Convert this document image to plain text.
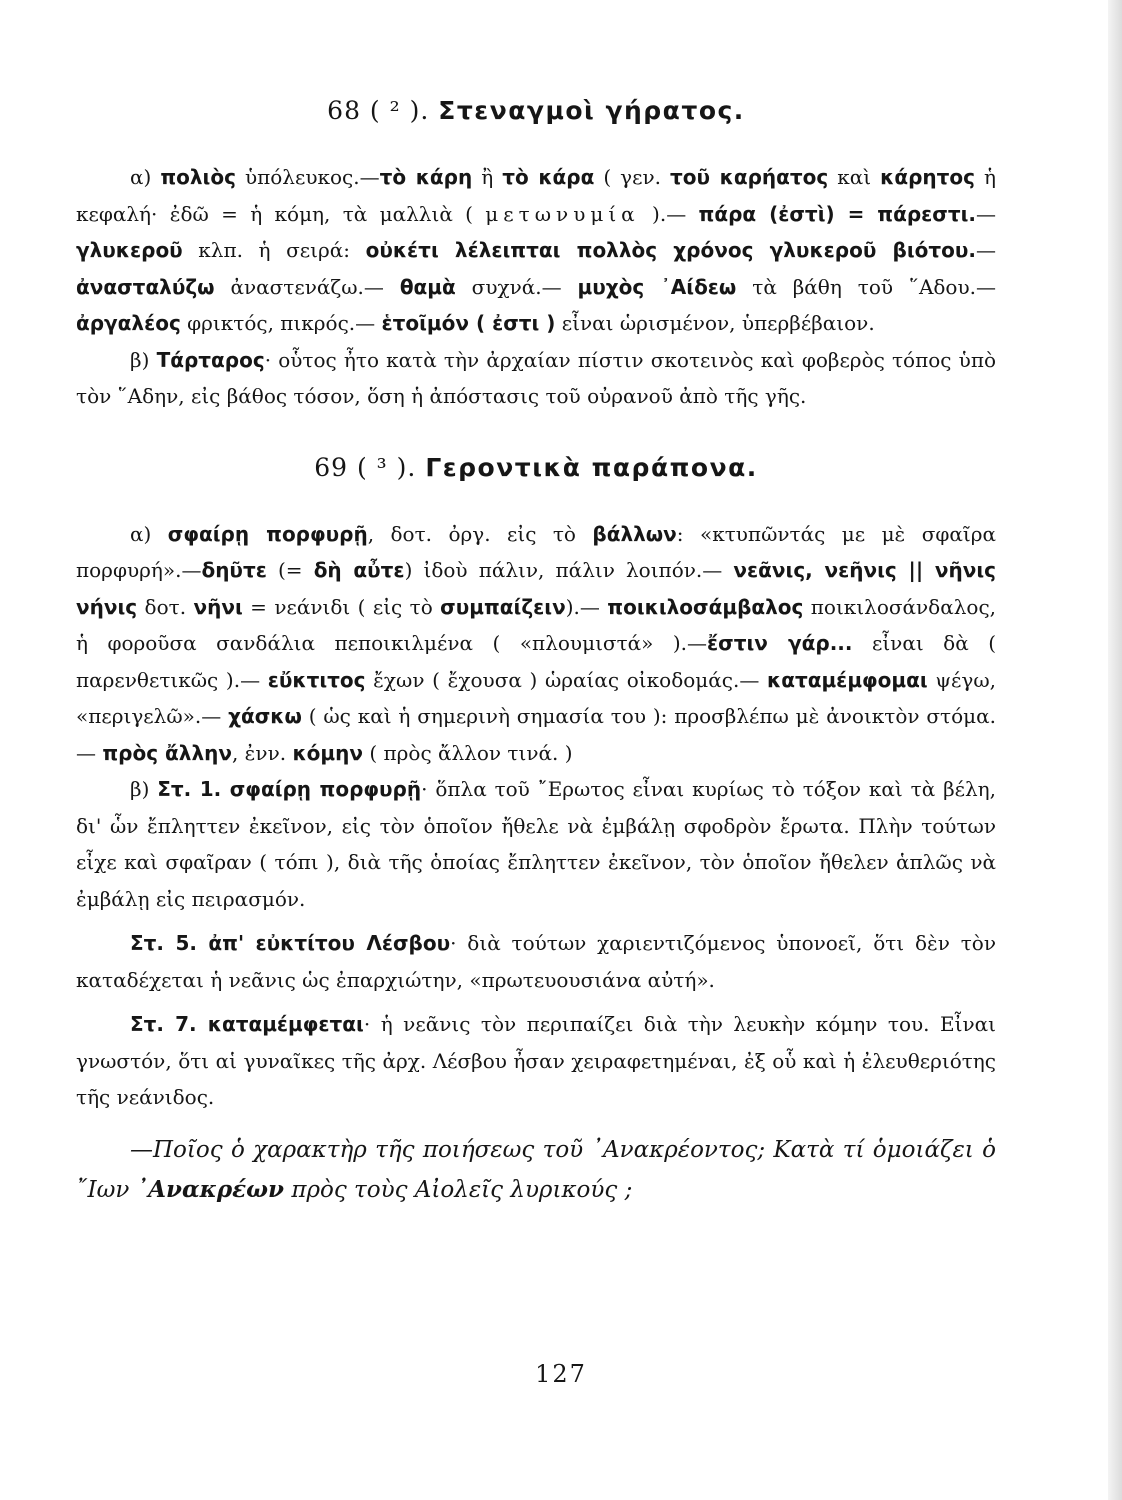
68 ( ² ). Στεναγμοὶ γήρατος.

α) πολιὸς ὑπόλευκος.—τὸ κάρη ἢ τὸ κάρα ( γεν. τοῦ καρήατος καὶ κάρητος ἡ κεφαλή· ἐδῶ = ἡ κόμη, τὰ μαλλιὰ ( μετωνυμία ).— πάρα (ἐστὶ) = πάρεστι.—γλυκεροῦ κλπ. ἡ σειρά: οὐκέτι λέλειπται πολλὸς χρόνος γλυκεροῦ βιότου.— ἀνασταλύζω ἀναστενάζω.— θαμὰ συχνά.— μυχὸς ᾿Αίδεω τὰ βάθη τοῦ ῞Αδου.— ἀργαλέος φρικτός, πικρός.— ἑτοῖμόν ( ἐστι ) εἶναι ὡρισμένον, ὑπερβέβαιον.

β) Τάρταρος· οὗτος ἦτο κατὰ τὴν ἀρχαίαν πίστιν σκοτεινὸς καὶ φοβερὸς τόπος ὑπὸ τὸν ῞Αδην, εἰς βάθος τόσον, ὅση ἡ ἀπόστασις τοῦ οὐρανοῦ ἀπὸ τῆς γῆς.

69 ( ³ ). Γεροντικὰ παράπονα.

α) σφαίρῃ πορφυρῇ, δοτ. ὀργ. εἰς τὸ βάλλων: «κτυπῶντάς με μὲ σφαῖρα πορφυρή».—δηῦτε (= δὴ αὖτε) ἰδοὺ πάλιν, πάλιν λοιπόν.— νεᾶνις, νεῆνις || νῆνις νήνις δοτ. νῆνι = νεάνιδι ( εἰς τὸ συμπαίζειν).— ποικιλοσάμβαλος ποικιλοσάνδαλος, ἡ φοροῦσα σανδάλια πεποικιλμένα ( «πλουμιστά» ).—ἔστιν γάρ... εἶναι δὰ ( παρενθετικῶς ).— εὔκτιτος ἔχων ( ἔχουσα ) ὡραίας οἰκοδομάς.— καταμέμφομαι ψέγω, «περιγελῶ».— χάσκω ( ὡς καὶ ἡ σημερινὴ σημασία του ): προσβλέπω μὲ ἀνοικτὸν στόμα.— πρὸς ἄλλην, ἐνν. κόμην ( πρὸς ἄλλον τινά. )

β) Στ. 1. σφαίρῃ πορφυρῇ· ὅπλα τοῦ ῎Ερωτος εἶναι κυρίως τὸ τόξον καὶ τὰ βέλη, δι' ὧν ἔπληττεν ἐκεῖνον, εἰς τὸν ὁποῖον ἤθελε νὰ ἐμβάλῃ σφοδρὸν ἔρωτα. Πλὴν τούτων εἶχε καὶ σφαῖραν ( τόπι ), διὰ τῆς ὁποίας ἔπληττεν ἐκεῖνον, τὸν ὁποῖον ἤθελεν ἁπλῶς νὰ ἐμβάλῃ εἰς πειρασμόν.

Στ. 5. ἀπ' εὐκτίτου Λέσβου· διὰ τούτων χαριεντιζόμενος ὑπονοεῖ, ὅτι δὲν τὸν καταδέχεται ἡ νεᾶνις ὡς ἐπαρχιώτην, «πρωτευουσιάνα αὐτή».

Στ. 7. καταμέμφεται· ἡ νεᾶνις τὸν περιπαίζει διὰ τὴν λευκὴν κόμην του. Εἶναι γνωστόν, ὅτι αἱ γυναῖκες τῆς ἀρχ. Λέσβου ἦσαν χειραφετημέναι, ἐξ οὗ καὶ ἡ ἐλευθεριότης τῆς νεάνιδος.

—Ποῖος ὁ χαρακτὴρ τῆς ποιήσεως τοῦ ᾿Ανακρέοντος; Κατὰ τί ὁμοιάζει ὁ ῎Ιων ᾿Ανακρέων πρὸς τοὺς Αἰολεῖς λυρικούς ;
127
